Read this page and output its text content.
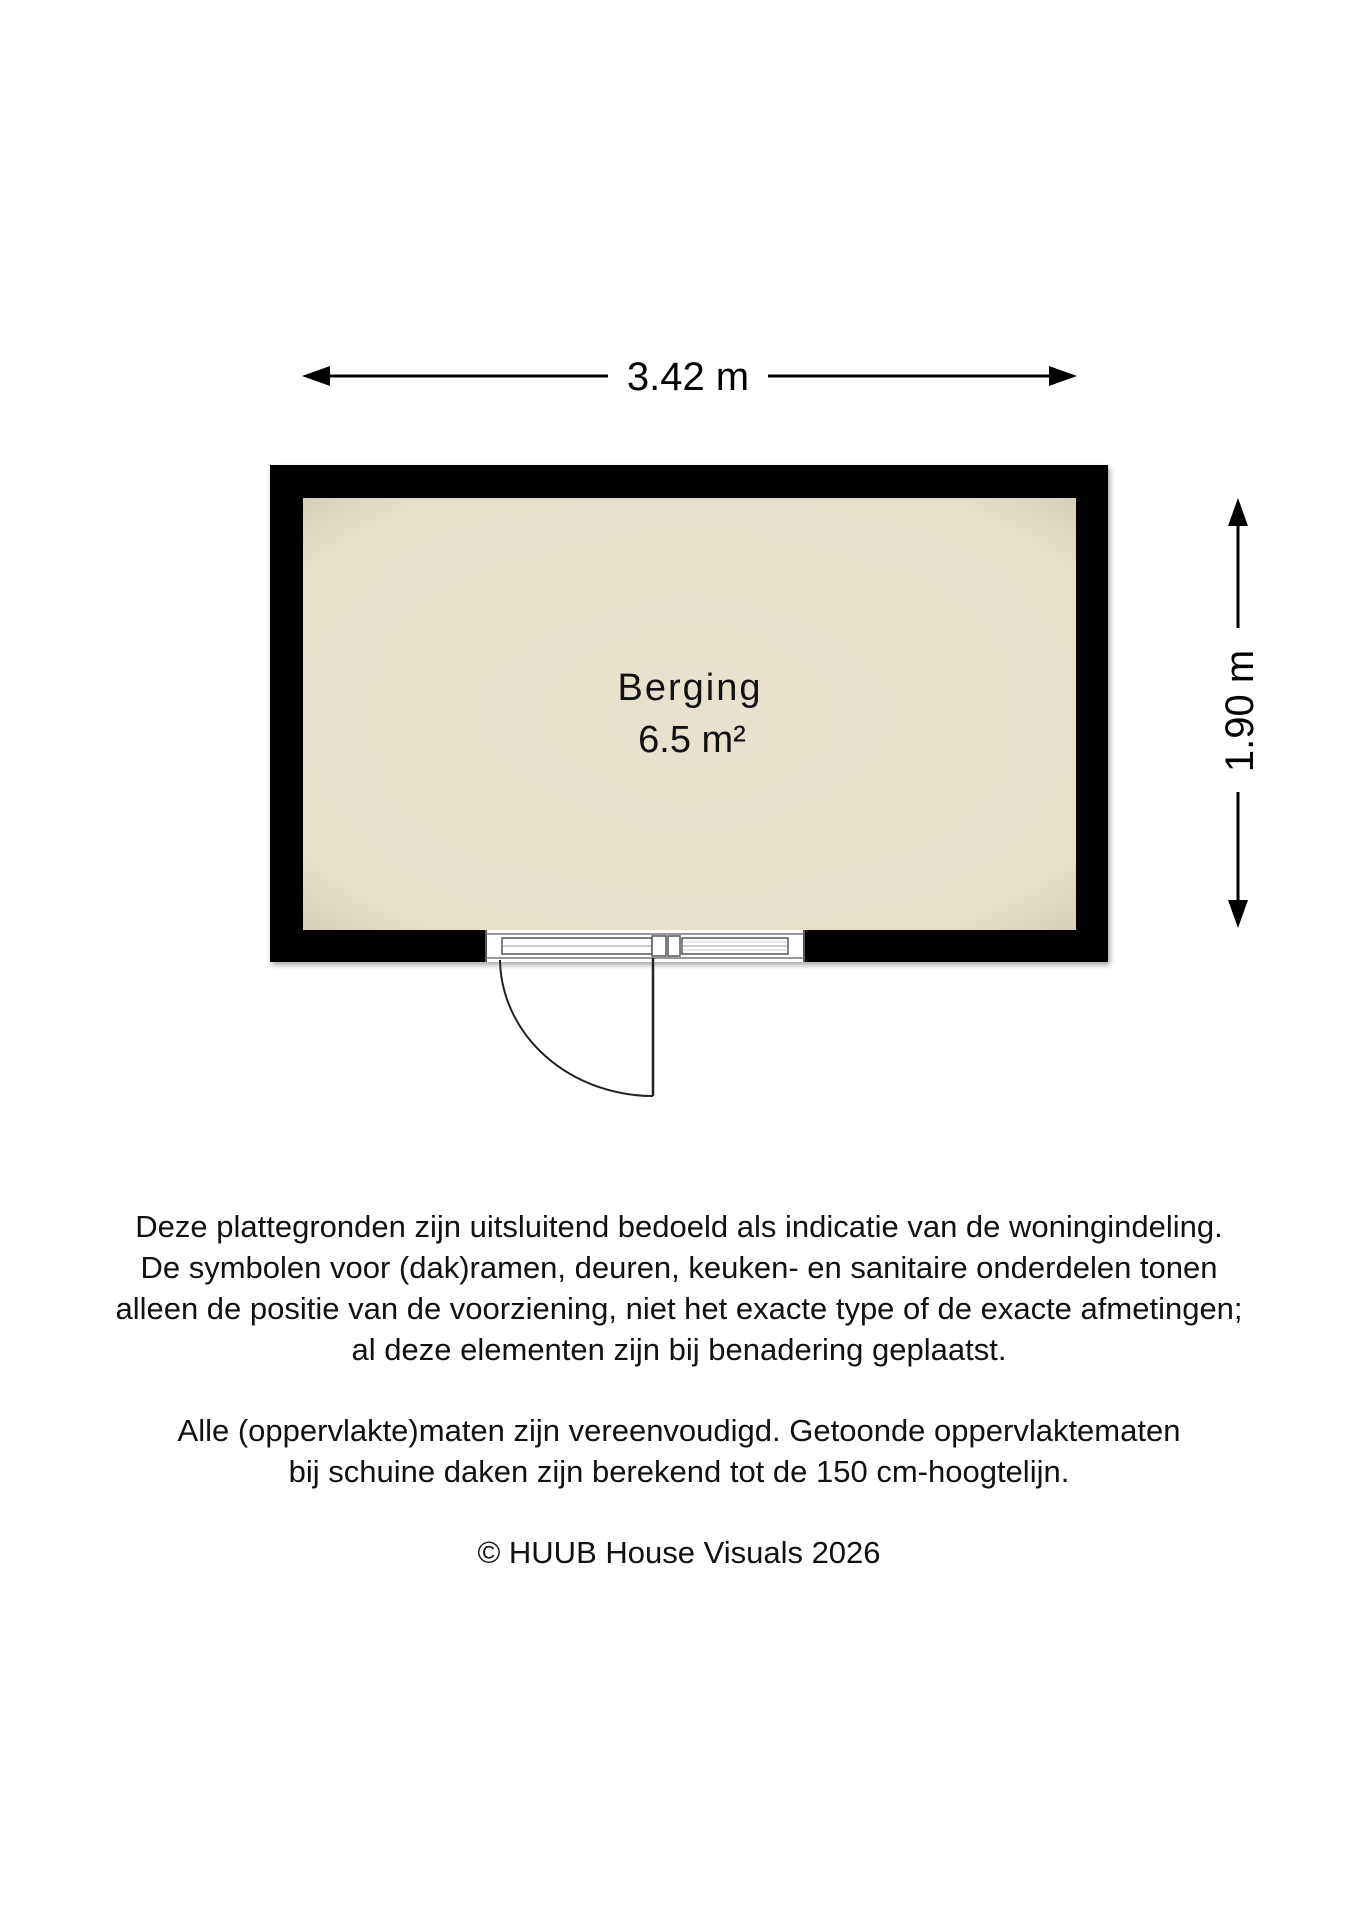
3.42 m
1.90 m
Berging
6.5 m²
Deze plattegronden zijn uitsluitend bedoeld als indicatie van de woningindeling.
De symbolen voor (dak)ramen, deuren, keuken- en sanitaire onderdelen tonen
alleen de positie van de voorziening, niet het exacte type of de exacte afmetingen;
al deze elementen zijn bij benadering geplaatst.
Alle (oppervlakte)maten zijn vereenvoudigd. Getoonde oppervlaktematen
bij schuine daken zijn berekend tot de 150 cm-hoogtelijn.
© HUUB House Visuals 2026
